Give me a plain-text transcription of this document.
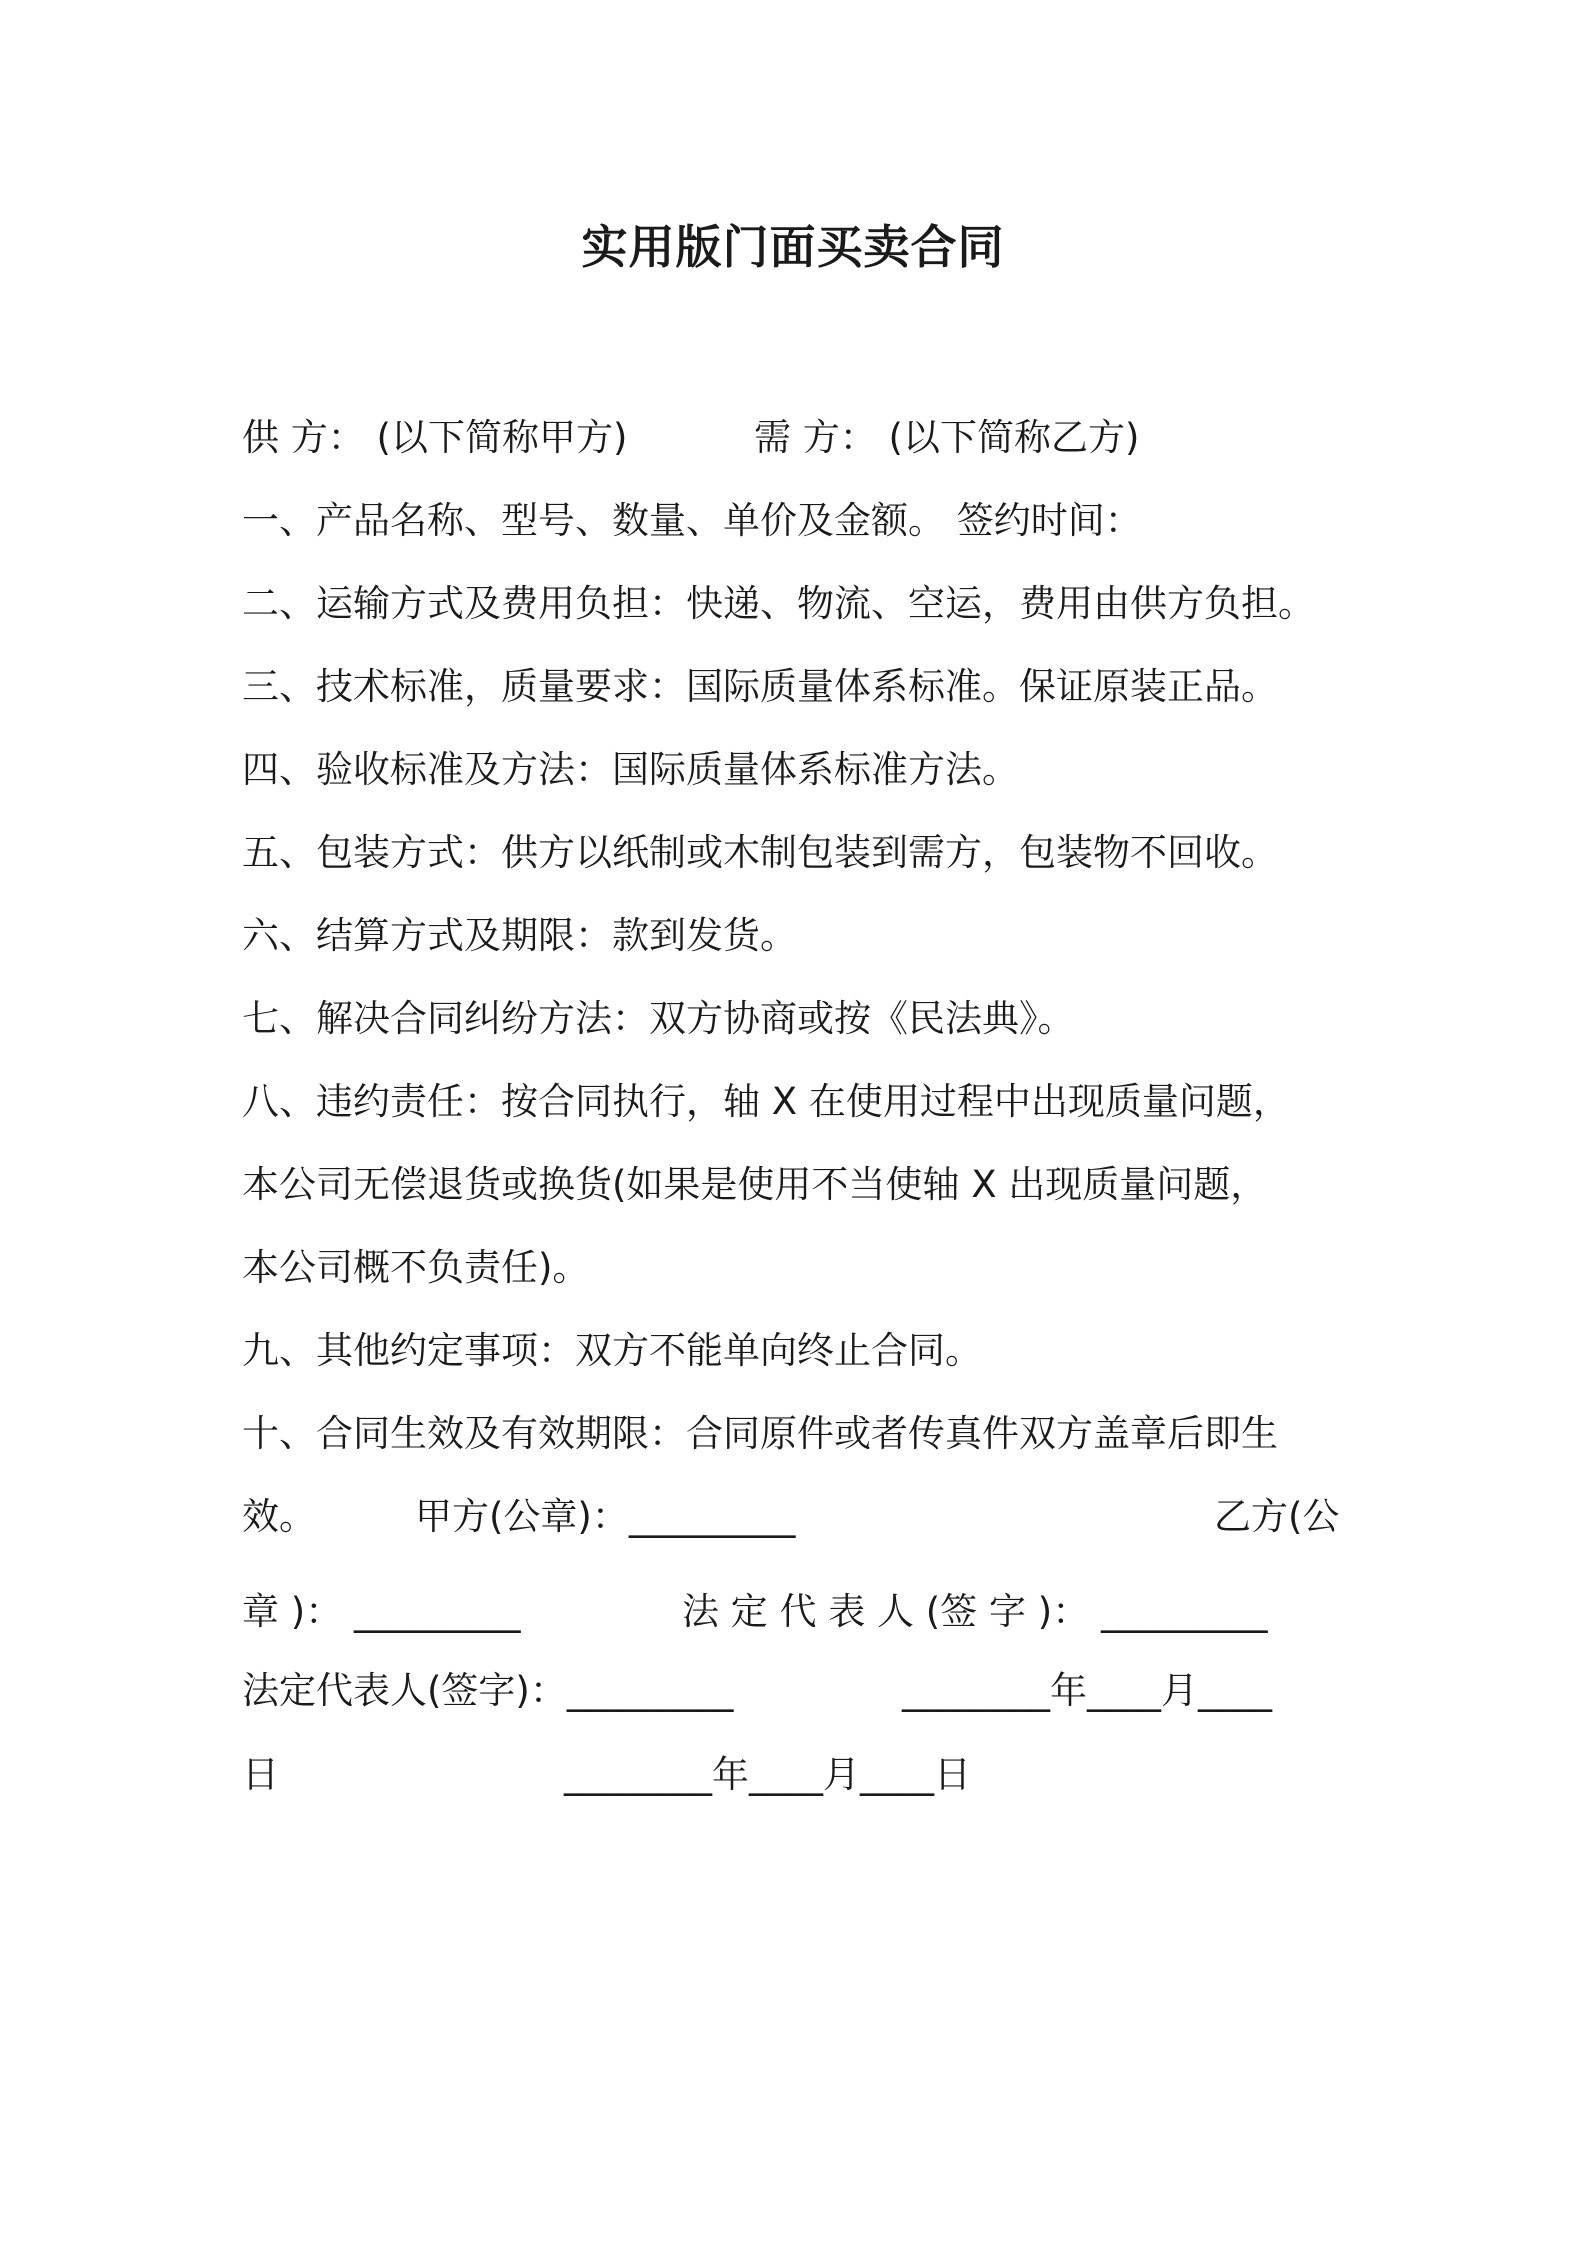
实用版门面买卖合同
供 方： (以下简称甲方)	需 方： (以下简称乙方)
一、产品名称、型号、数量、单价及金额。 签约时间：
二、运输方式及费用负担：快递、物流、空运，费用由供方负担。
三、技术标准，质量要求：国际质量体系标准。保证原装正品。
四、验收标准及方法：国际质量体系标准方法。
五、包装方式：供方以纸制或木制包装到需方，包装物不回收。
六、结算方式及期限：款到发货。
七、解决合同纠纷方法：双方协商或按《民法典》。
八、违约责任：按合同执行，轴 X 在使用过程中出现质量问题，
本公司无偿退货或换货(如果是使用不当使轴 X 出现质量问题，
本公司概不负责任)。
九、其他约定事项：双方不能单向终止合同。
十、合同生效及有效期限：合同原件或者传真件双方盖章后即生
效。	甲方(公章)：_________	乙方(公
章 )： _________	法 定 代 表 人 (签 字 )： _________
法定代表人(签字)：_________	________年____月____
日	________年____月____日
